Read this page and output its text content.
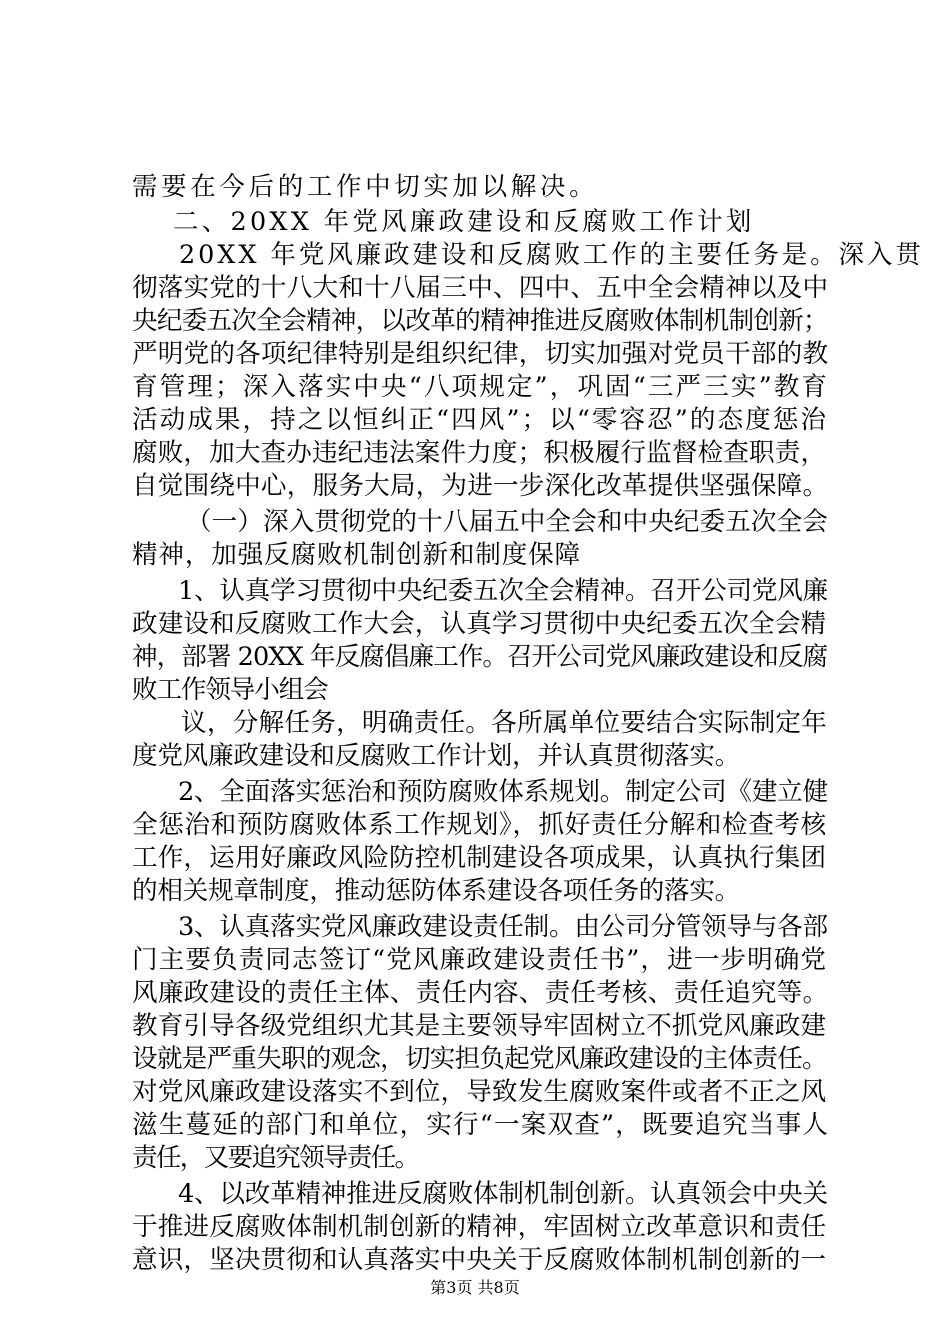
需要在今后的工作中切实加以解决。
二、20XX 年党风廉政建设和反腐败工作计划
20XX 年党风廉政建设和反腐败工作的主要任务是。深入贯
彻落实党的十八大和十八届三中、四中、五中全会精神以及中
央纪委五次全会精神，以改革的精神推进反腐败体制机制创新；
严明党的各项纪律特别是组织纪律，切实加强对党员干部的教
育管理；深入落实中央“八项规定”，巩固“三严三实”教育
活动成果，持之以恒纠正“四风”；以“零容忍”的态度惩治
腐败，加大查办违纪违法案件力度；积极履行监督检查职责，
自觉围绕中心，服务大局，为进一步深化改革提供坚强保障。
（一）深入贯彻党的十八届五中全会和中央纪委五次全会
精神，加强反腐败机制创新和制度保障
1、认真学习贯彻中央纪委五次全会精神。召开公司党风廉
政建设和反腐败工作大会，认真学习贯彻中央纪委五次全会精
神，部署 20XX 年反腐倡廉工作。召开公司党风廉政建设和反腐
败工作领导小组会
议，分解任务，明确责任。各所属单位要结合实际制定年
度党风廉政建设和反腐败工作计划，并认真贯彻落实。
2、全面落实惩治和预防腐败体系规划。制定公司《建立健
全惩治和预防腐败体系工作规划》，抓好责任分解和检查考核
工作，运用好廉政风险防控机制建设各项成果，认真执行集团
的相关规章制度，推动惩防体系建设各项任务的落实。
3、认真落实党风廉政建设责任制。由公司分管领导与各部
门主要负责同志签订“党风廉政建设责任书”，进一步明确党
风廉政建设的责任主体、责任内容、责任考核、责任追究等。
教育引导各级党组织尤其是主要领导牢固树立不抓党风廉政建
设就是严重失职的观念，切实担负起党风廉政建设的主体责任。
对党风廉政建设落实不到位，导致发生腐败案件或者不正之风
滋生蔓延的部门和单位，实行“一案双查”，既要追究当事人
责任，又要追究领导责任。
4、以改革精神推进反腐败体制机制创新。认真领会中央关
于推进反腐败体制机制创新的精神，牢固树立改革意识和责任
意识，坚决贯彻和认真落实中央关于反腐败体制机制创新的一
第3页 共8页
